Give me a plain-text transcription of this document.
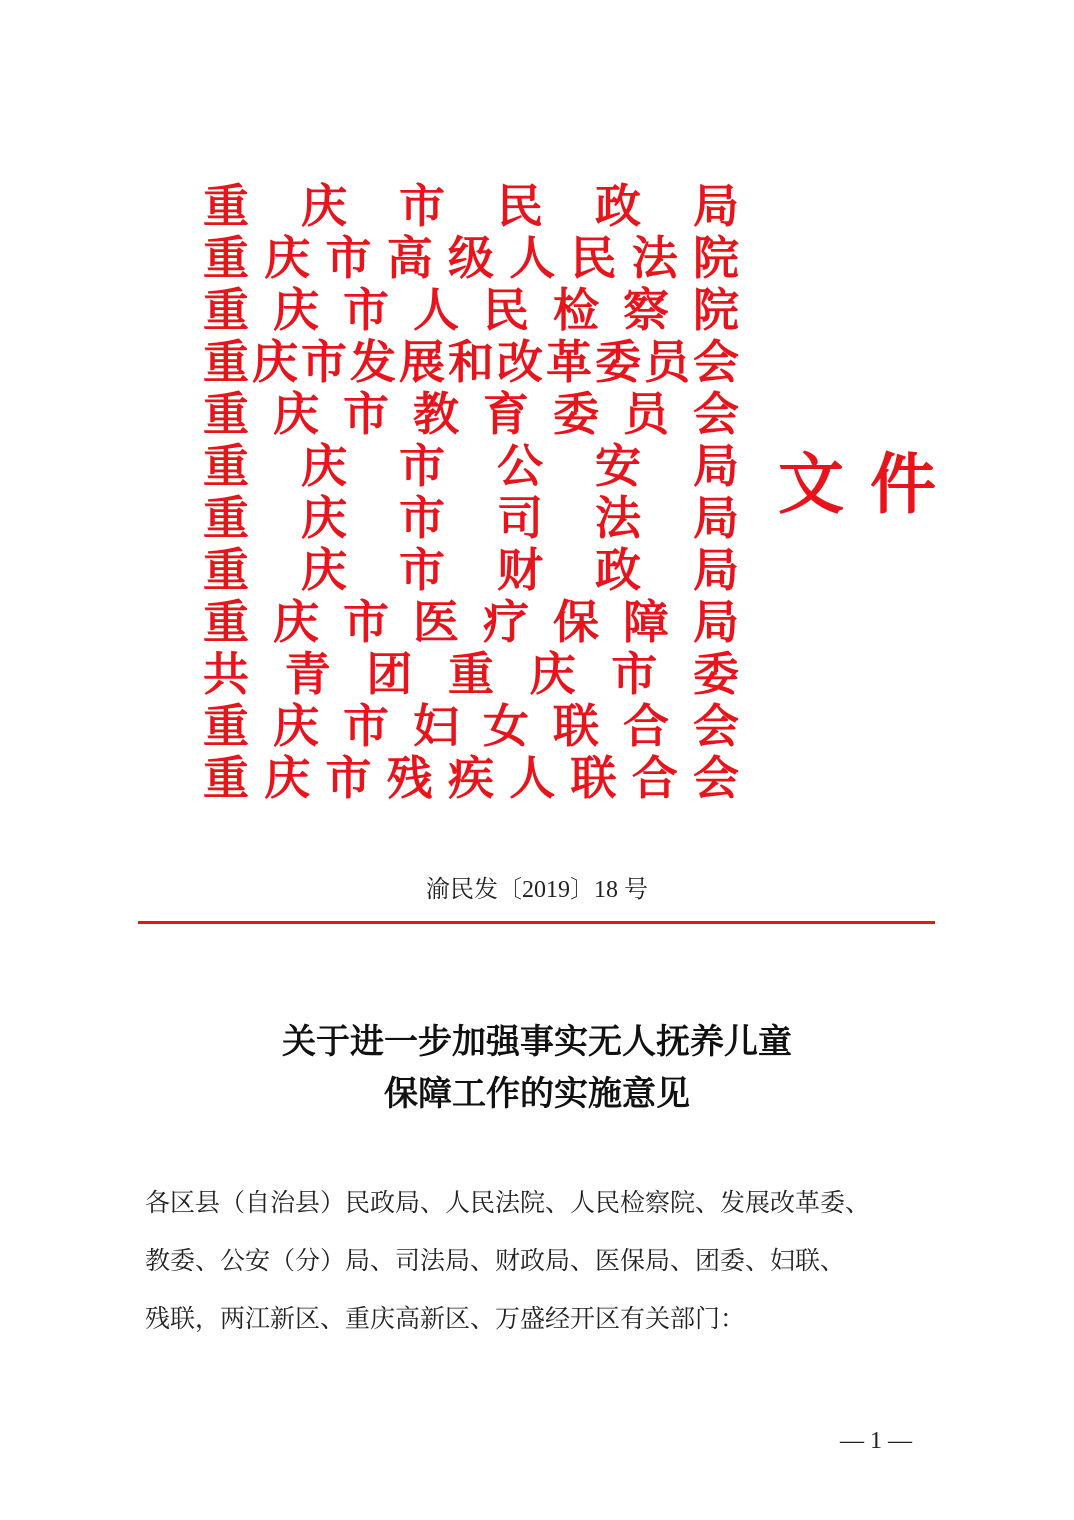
重 庆 市 民 政 局
重 庆 市 高 级 人 民 法 院
重 庆 市 人 民 检 察 院
重 庆 市 发 展 和 改 革 委 员 会
重 庆 市 教 育 委 员 会
重 庆 市 公 安 局
重 庆 市 司 法 局
重 庆 市 财 政 局
重 庆 市 医 疗 保 障 局
共 青 团 重 庆 市 委
重 庆 市 妇 女 联 合 会
重 庆 市 残 疾 人 联 合 会
文件
渝民发〔2019〕18 号
关于进一步加强事实无人抚养儿童
保障工作的实施意见
各区县（自治县）民政局、人民法院、人民检察院、发展改革委、
教委、公安（分）局、司法局、财政局、医保局、团委、妇联、
残联，两江新区、重庆高新区、万盛经开区有关部门：
— 1 —
